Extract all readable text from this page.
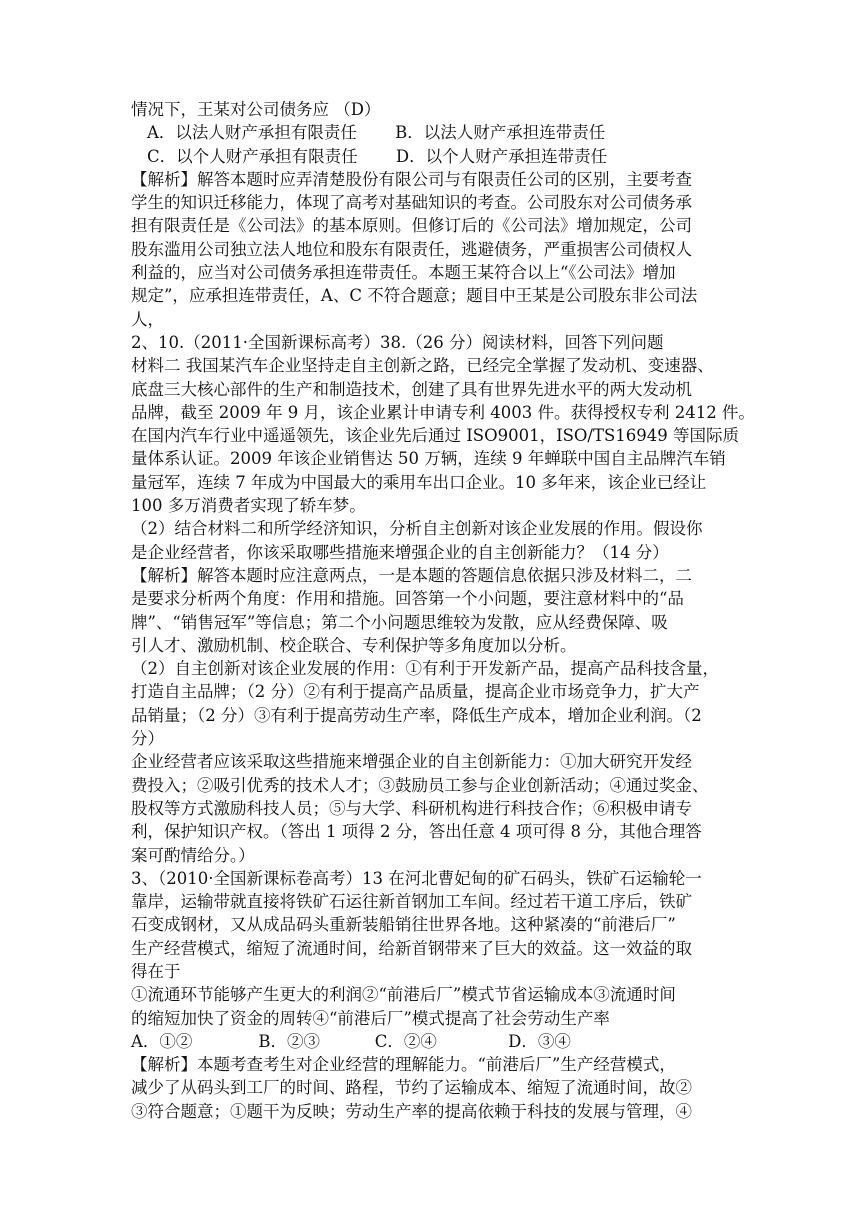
情况下，王某对公司债务应 （D）
A．以法人财产承担有限责任　　 B．以法人财产承担连带责任
C．以个人财产承担有限责任　　 D．以个人财产承担连带责任
【解析】解答本题时应弄清楚股份有限公司与有限责任公司的区别，主要考查
学生的知识迁移能力，体现了高考对基础知识的考查。公司股东对公司债务承
担有限责任是《公司法》的基本原则。但修订后的《公司法》增加规定，公司
股东滥用公司独立法人地位和股东有限责任，逃避债务，严重损害公司债权人
利益的，应当对公司债务承担连带责任。本题王某符合以上“《公司法》增加
规定”，应承担连带责任，A、C 不符合题意；题目中王某是公司股东非公司法
人，
2、10.（2011·全国新课标高考）38.（26 分）阅读材料，回答下列问题
材料二 我国某汽车企业坚持走自主创新之路，已经完全掌握了发动机、变速器、
底盘三大核心部件的生产和制造技术，创建了具有世界先进水平的两大发动机
品牌，截至 2009 年 9 月，该企业累计申请专利 4003 件。获得授权专利 2412 件。
在国内汽车行业中遥遥领先，该企业先后通过 ISO9001，ISO/TS16949 等国际质
量体系认证。2009 年该企业销售达 50 万辆，连续 9 年蝉联中国自主品牌汽车销
量冠军，连续 7 年成为中国最大的乘用车出口企业。10 多年来，该企业已经让
100 多万消费者实现了轿车梦。
（2）结合材料二和所学经济知识，分析自主创新对该企业发展的作用。假设你
是企业经营者，你该采取哪些措施来增强企业的自主创新能力？（14 分）
【解析】解答本题时应注意两点，一是本题的答题信息依据只涉及材料二，二
是要求分析两个角度：作用和措施。回答第一个小问题，要注意材料中的“品
牌”、“销售冠军”等信息；第二个小问题思维较为发散，应从经费保障、吸
引人才、激励机制、校企联合、专利保护等多角度加以分析。
（2）自主创新对该企业发展的作用：①有利于开发新产品，提高产品科技含量，
打造自主品牌；（2 分）②有利于提高产品质量，提高企业市场竞争力，扩大产
品销量；（2 分）③有利于提高劳动生产率，降低生产成本，增加企业利润。（2
分）
企业经营者应该采取这些措施来增强企业的自主创新能力：①加大研究开发经
费投入；②吸引优秀的技术人才；③鼓励员工参与企业创新活动；④通过奖金、
股权等方式激励科技人员；⑤与大学、科研机构进行科技合作；⑥积极申请专
利，保护知识产权。（答出 1 项得 2 分，答出任意 4 项可得 8 分，其他合理答
案可酌情给分。）
3、（2010·全国新课标卷高考）13 在河北曹妃甸的矿石码头，铁矿石运输轮一
靠岸，运输带就直接将铁矿石运往新首钢加工车间。经过若干道工序后，铁矿
石变成钢材，又从成品码头重新装船销往世界各地。这种紧凑的“前港后厂”
生产经营模式，缩短了流通时间，给新首钢带来了巨大的效益。这一效益的取
得在于
①流通环节能够产生更大的利润②“前港后厂”模式节省运输成本③流通时间
的缩短加快了资金的周转④“前港后厂”模式提高了社会劳动生产率
A．①②　　　　B．②③　　　 C．②④　　　　 D．③④
【解析】本题考查考生对企业经营的理解能力。“前港后厂”生产经营模式，
减少了从码头到工厂的时间、路程，节约了运输成本、缩短了流通时间，故②
③符合题意；①题干为反映；劳动生产率的提高依赖于科技的发展与管理，④
